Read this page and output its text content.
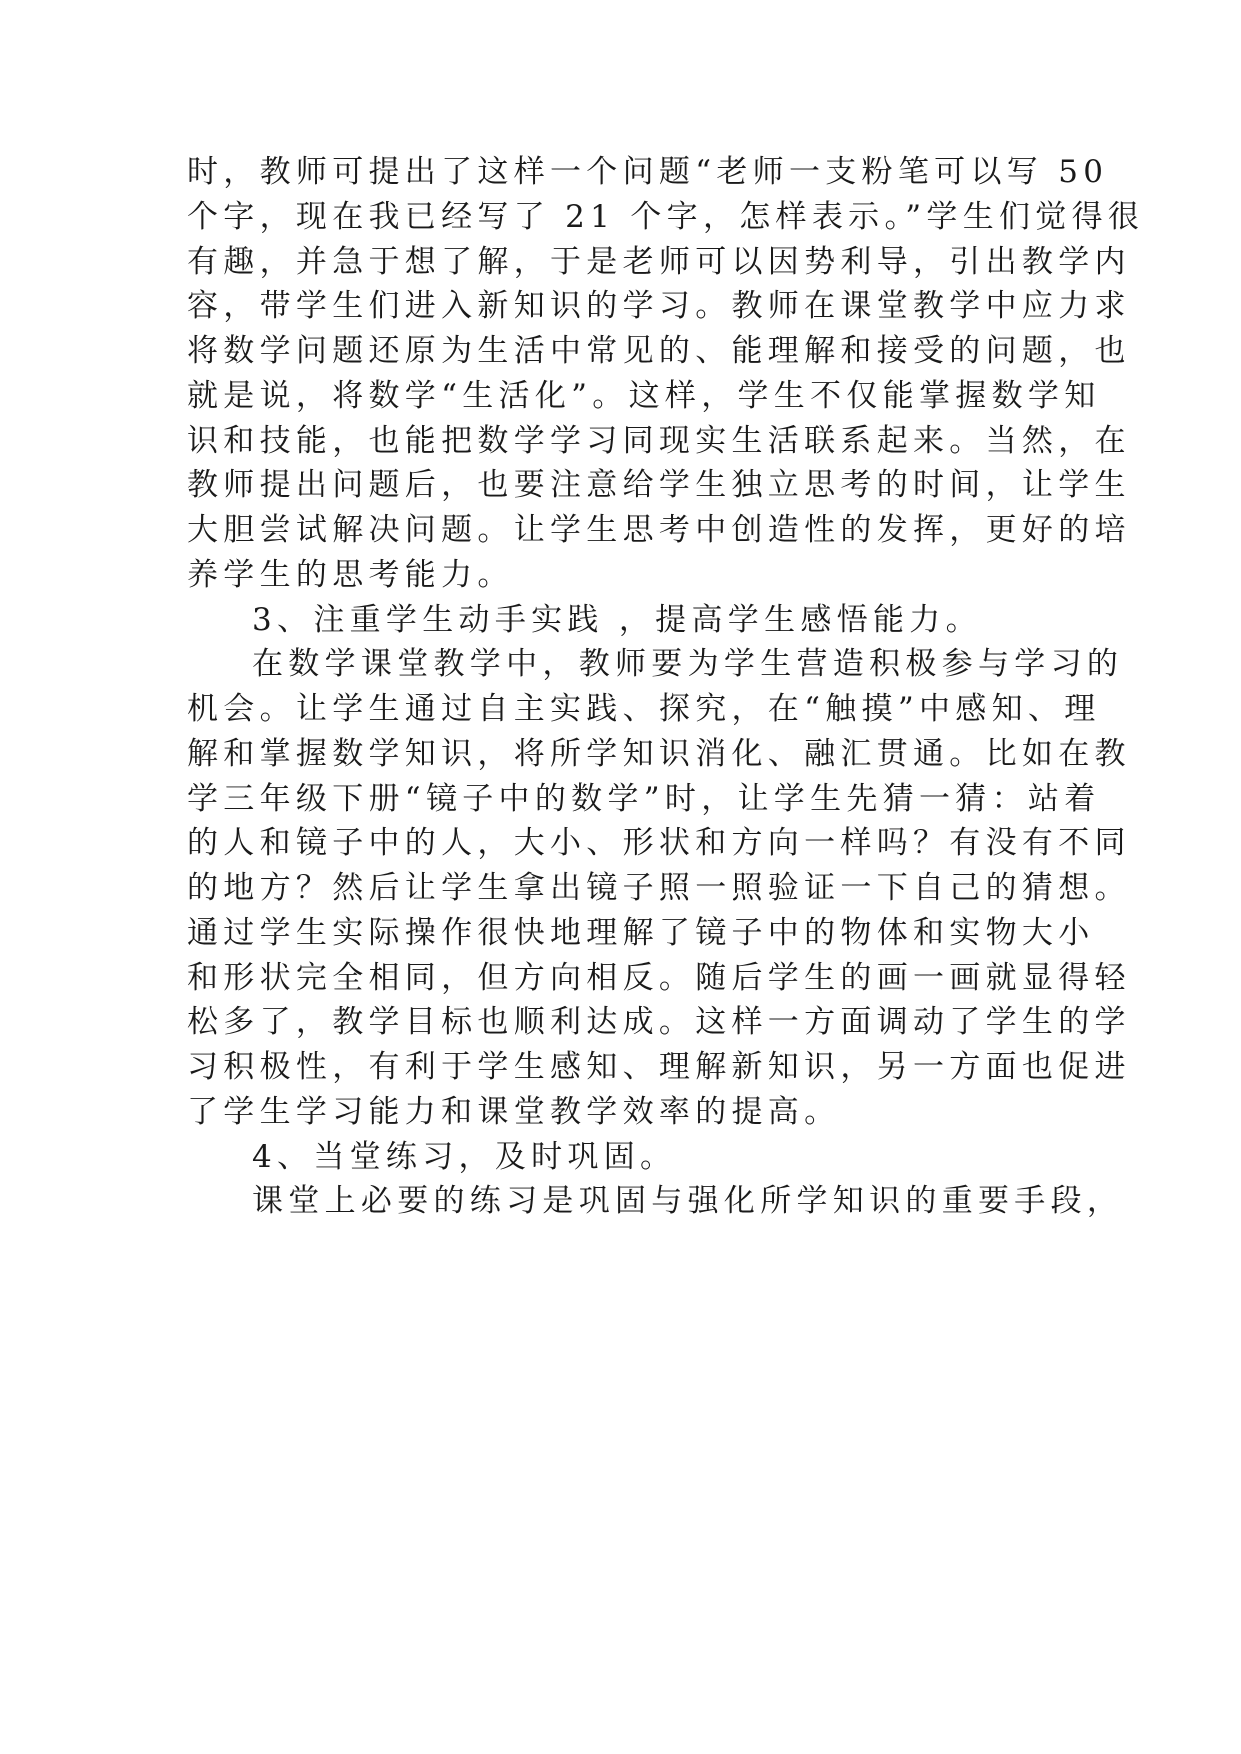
时，教师可提出了这样一个问题“老师一支粉笔可以写 50
个字，现在我已经写了 21 个字，怎样表示。”学生们觉得很
有趣，并急于想了解，于是老师可以因势利导，引出教学内
容，带学生们进入新知识的学习。教师在课堂教学中应力求
将数学问题还原为生活中常见的、能理解和接受的问题，也
就是说，将数学“生活化”。这样，学生不仅能掌握数学知
识和技能，也能把数学学习同现实生活联系起来。当然，在
教师提出问题后，也要注意给学生独立思考的时间，让学生
大胆尝试解决问题。让学生思考中创造性的发挥，更好的培
养学生的思考能力。
3、注重学生动手实践 ，提高学生感悟能力。
在数学课堂教学中，教师要为学生营造积极参与学习的
机会。让学生通过自主实践、探究，在“触摸”中感知、理
解和掌握数学知识，将所学知识消化、融汇贯通。比如在教
学三年级下册“镜子中的数学”时，让学生先猜一猜：站着
的人和镜子中的人，大小、形状和方向一样吗？有没有不同
的地方？然后让学生拿出镜子照一照验证一下自己的猜想。
通过学生实际操作很快地理解了镜子中的物体和实物大小
和形状完全相同，但方向相反。随后学生的画一画就显得轻
松多了，教学目标也顺利达成。这样一方面调动了学生的学
习积极性，有利于学生感知、理解新知识，另一方面也促进
了学生学习能力和课堂教学效率的提高。
4、当堂练习，及时巩固。
课堂上必要的练习是巩固与强化所学知识的重要手段，
